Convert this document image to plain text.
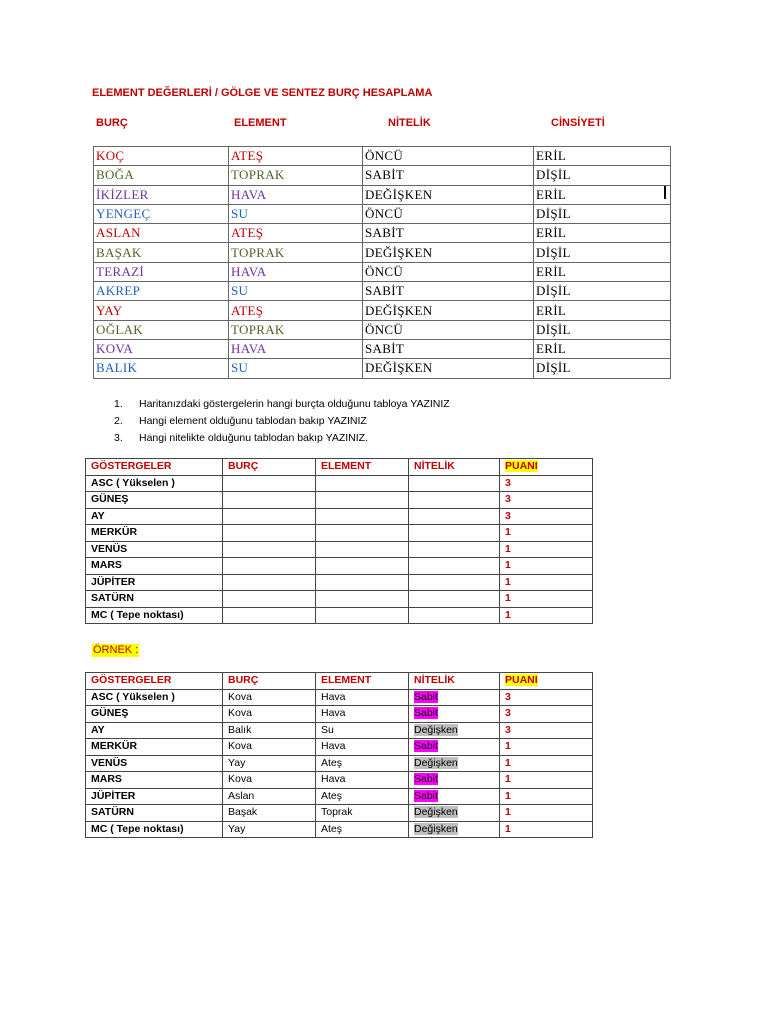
ELEMENT DEĞERLERİ / GÖLGE VE SENTEZ BURÇ HESAPLAMA
BURÇ	ELEMENT	NİTELİK	CİNSİYETİ
KOÇ	ATEŞ	ÖNCÜ	ERİL
BOĞA	TOPRAK	SABİT	DİŞİL
İKİZLER	HAVA	DEĞİŞKEN	ERİL
YENGEÇ	SU	ÖNCÜ	DİŞİL
ASLAN	ATEŞ	SABİT	ERİL
BAŞAK	TOPRAK	DEĞİŞKEN	DİŞİL
TERAZİ	HAVA	ÖNCÜ	ERİL
AKREP	SU	SABİT	DİŞİL
YAY	ATEŞ	DEĞİŞKEN	ERİL
OĞLAK	TOPRAK	ÖNCÜ	DİŞİL
KOVA	HAVA	SABİT	ERİL
BALIK	SU	DEĞİŞKEN	DİŞİL
1. Haritanızdaki göstergelerin hangi burçta olduğunu tabloya YAZINIZ
2. Hangi element olduğunu tablodan bakıp YAZINIZ
3. Hangi nitelikte olduğunu tablodan bakıp YAZINIZ.
GÖSTERGELER	BURÇ	ELEMENT	NİTELİK	PUANI
ASC ( Yükselen )				3
GÜNEŞ				3
AY				3
MERKÜR				1
VENÜS				1
MARS				1
JÜPİTER				1
SATÜRN				1
MC ( Tepe noktası)				1
ÖRNEK :
GÖSTERGELER	BURÇ	ELEMENT	NİTELİK	PUANI
ASC ( Yükselen )	Kova	Hava	Sabit	3
GÜNEŞ	Kova	Hava	Sabit	3
AY	Balık	Su	Değişken	3
MERKÜR	Kova	Hava	Sabit	1
VENÜS	Yay	Ateş	Değişken	1
MARS	Kova	Hava	Sabit	1
JÜPİTER	Aslan	Ateş	Sabit	1
SATÜRN	Başak	Toprak	Değişken	1
MC ( Tepe noktası)	Yay	Ateş	Değişken	1
